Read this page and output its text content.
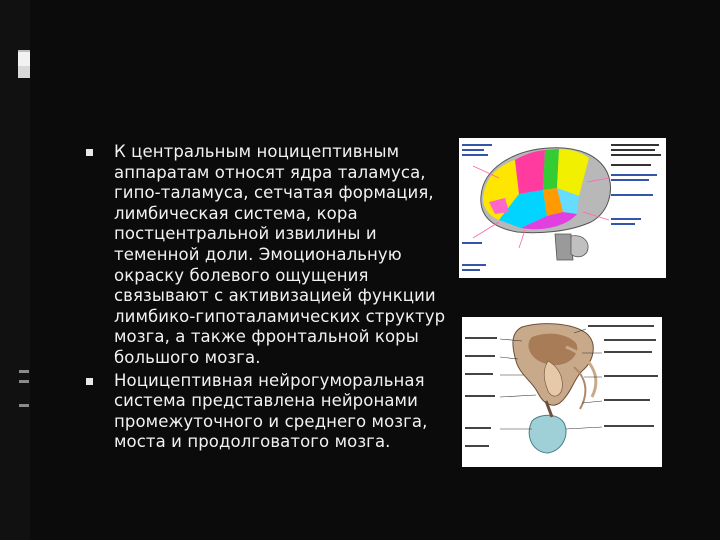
К центральным ноцицептивным аппаратам относят ядра таламуса, гипо-таламуса, сетчатая формация, лимбическая система, кора постцентральной извилины и теменной доли. Эмоциональную окраску болевого ощущения связывают с активизацией функции лимбико-гипоталамических структур мозга, а также фронтальной коры большого мозга.
Ноцицептивная нейрогуморальная система представлена нейронами промежуточного и среднего мозга, моста и продолговатого мозга.
